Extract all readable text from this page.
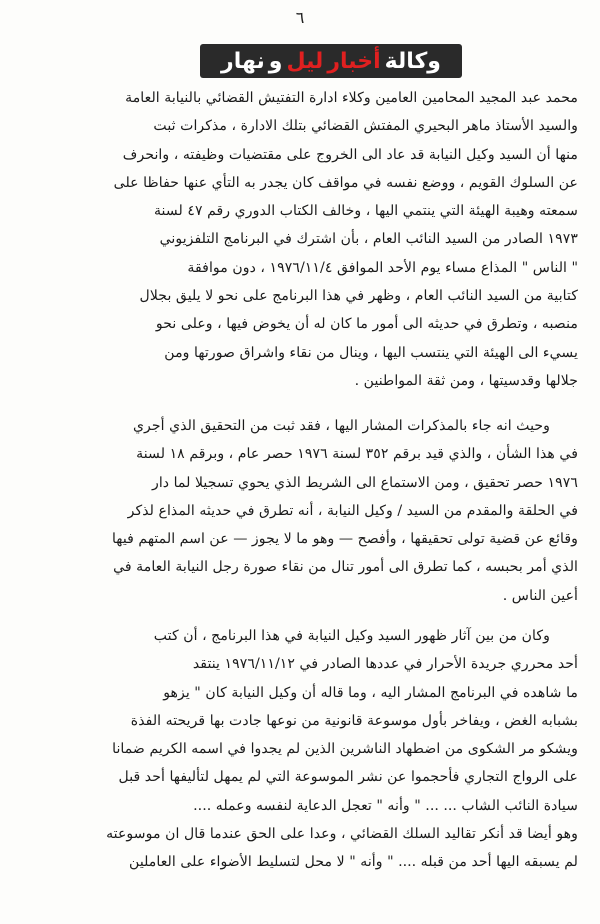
٦
وكالة
أخبار
ليل
و
نهار
محمد عبد المجيد المحامين العامين وكلاء ادارة التفتيش القضائي بالنيابة العامة
والسيد الأستاذ ماهر البحيري المفتش القضائي بتلك الادارة ، مذكرات ثبت
منها أن السيد وكيل النيابة قد عاد الى الخروج على مقتضيات وظيفته ، وانحرف
عن السلوك القويم ، ووضع نفسه في مواقف كان يجدر به التأي عنها حفاظا على
سمعته وهيبة الهيئة التي ينتمي اليها ، وخالف الكتاب الدوري رقم ٤٧ لسنة
١٩٧٣ الصادر من السيد النائب العام ، بأن اشترك في البرنامج التلفزيوني
" الناس " المذاع مساء يوم الأحد الموافق ١٩٧٦/١١/٤ ، دون موافقة
كتابية من السيد النائب العام ، وظهر في هذا البرنامج على نحو لا يليق بجلال
منصبه ، وتطرق في حديثه الى أمور ما كان له أن يخوض فيها ، وعلى نحو
يسيء الى الهيئة التي ينتسب اليها ، وينال من نقاء واشراق صورتها ومن
جلالها وقدسيتها ، ومن ثقة المواطنين .
وحيث انه جاء بالمذكرات المشار اليها ، فقد ثبت من التحقيق الذي أجري
في هذا الشأن ، والذي قيد برقم ٣٥٢ لسنة ١٩٧٦ حصر عام ، وبرقم ١٨ لسنة
١٩٧٦ حصر تحقيق ، ومن الاستماع الى الشريط الذي يحوي تسجيلا لما دار
في الحلقة والمقدم من السيد / وكيل النيابة ، أنه تطرق في حديثه المذاع لذكر
وقائع عن قضية تولى تحقيقها ، وأفصح — وهو ما لا يجوز — عن اسم المتهم فيها
الذي أمر بحبسه ، كما تطرق الى أمور تنال من نقاء صورة رجل النيابة العامة في
أعين الناس .
وكان من بين آثار ظهور السيد وكيل النيابة في هذا البرنامج ، أن كتب
أحد محرري جريدة الأحرار في عددها الصادر في ١٩٧٦/١١/١٢ ينتقد
ما شاهده في البرنامج المشار اليه ، وما قاله أن وكيل النيابة كان " يزهو
بشبابه الغض ، ويفاخر بأول موسوعة قانونية من نوعها جادت بها قريحته الفذة
ويشكو مر الشكوى من اضطهاد الناشرين الذين لم يجدوا في اسمه الكريم ضمانا
على الرواج التجاري فأحجموا عن نشر الموسوعة التي لم يمهل لتأليفها أحد قبل
سيادة النائب الشاب ... ... " وأنه " تعجل الدعاية لنفسه وعمله ....
وهو أيضا قد أنكر تقاليد السلك القضائي ، وعدا على الحق عندما قال ان موسوعته
لم يسبقه اليها أحد من قبله .... " وأنه " لا محل لتسليط الأضواء على العاملين
